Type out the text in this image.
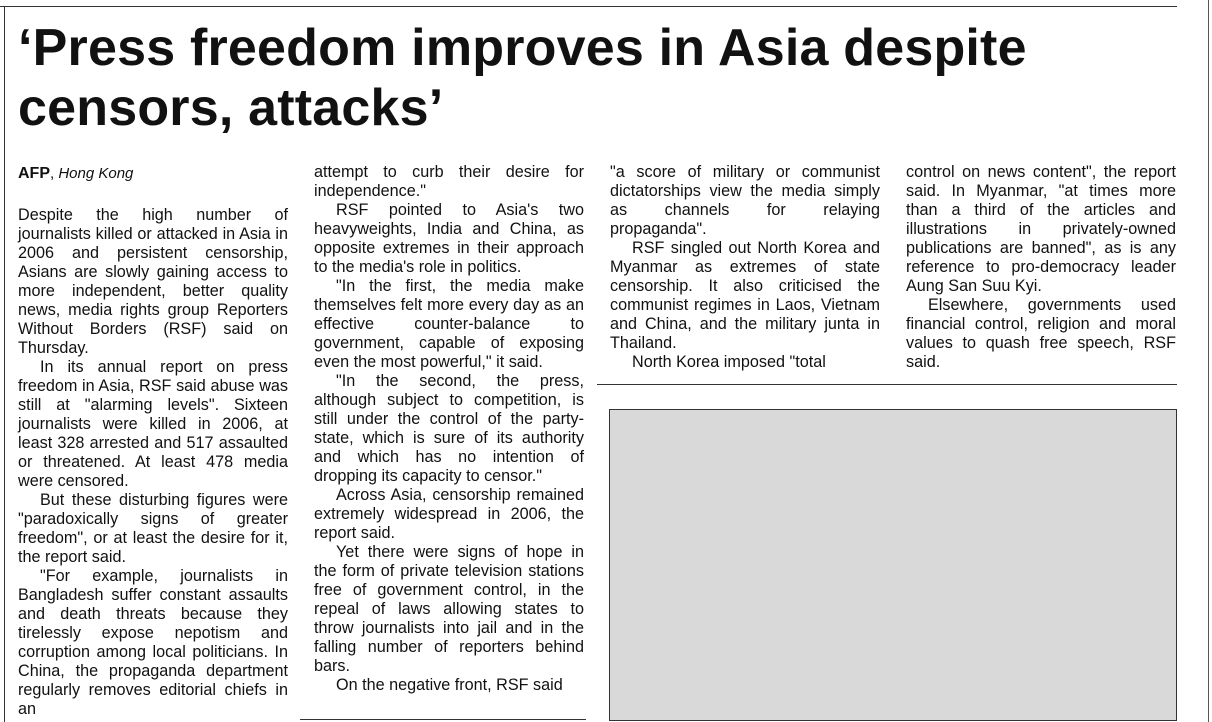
‘Press freedom improves in Asia despite
censors, attacks’
AFP, Hong Kong

Despite the high number of journalists killed or attacked in Asia in 2006 and persistent censorship, Asians are slowly gaining access to more independent, better quality news, media rights group Reporters Without Borders (RSF) said on Thursday.

In its annual report on press freedom in Asia, RSF said abuse was still at "alarming levels". Sixteen journalists were killed in 2006, at least 328 arrested and 517 assaulted or threatened. At least 478 media were censored.

But these disturbing figures were "paradoxically signs of greater freedom", or at least the desire for it, the report said.

"For example, journalists in Bangladesh suffer constant assaults and death threats because they tirelessly expose nepotism and corruption among local politicians. In China, the propaganda department regularly removes editorial chiefs in an

attempt to curb their desire for independence."

RSF pointed to Asia's two heavyweights, India and China, as opposite extremes in their approach to the media's role in politics.

"In the first, the media make themselves felt more every day as an effective counter-balance to government, capable of exposing even the most powerful," it said.

"In the second, the press, although subject to competition, is still under the control of the party-state, which is sure of its authority and which has no intention of dropping its capacity to censor."

Across Asia, censorship remained extremely widespread in 2006, the report said.

Yet there were signs of hope in the form of private television stations free of government control, in the repeal of laws allowing states to throw journalists into jail and in the falling number of reporters behind bars.

On the negative front, RSF said

"a score of military or communist dictatorships view the media simply as channels for relaying propaganda".

RSF singled out North Korea and Myanmar as extremes of state censorship. It also criticised the communist regimes in Laos, Vietnam and China, and the military junta in Thailand.

North Korea imposed "total

control on news content", the report said. In Myanmar, "at times more than a third of the articles and illustrations in privately-owned publications are banned", as is any reference to pro-democracy leader Aung San Suu Kyi.

Elsewhere, governments used financial control, religion and moral values to quash free speech, RSF said.
